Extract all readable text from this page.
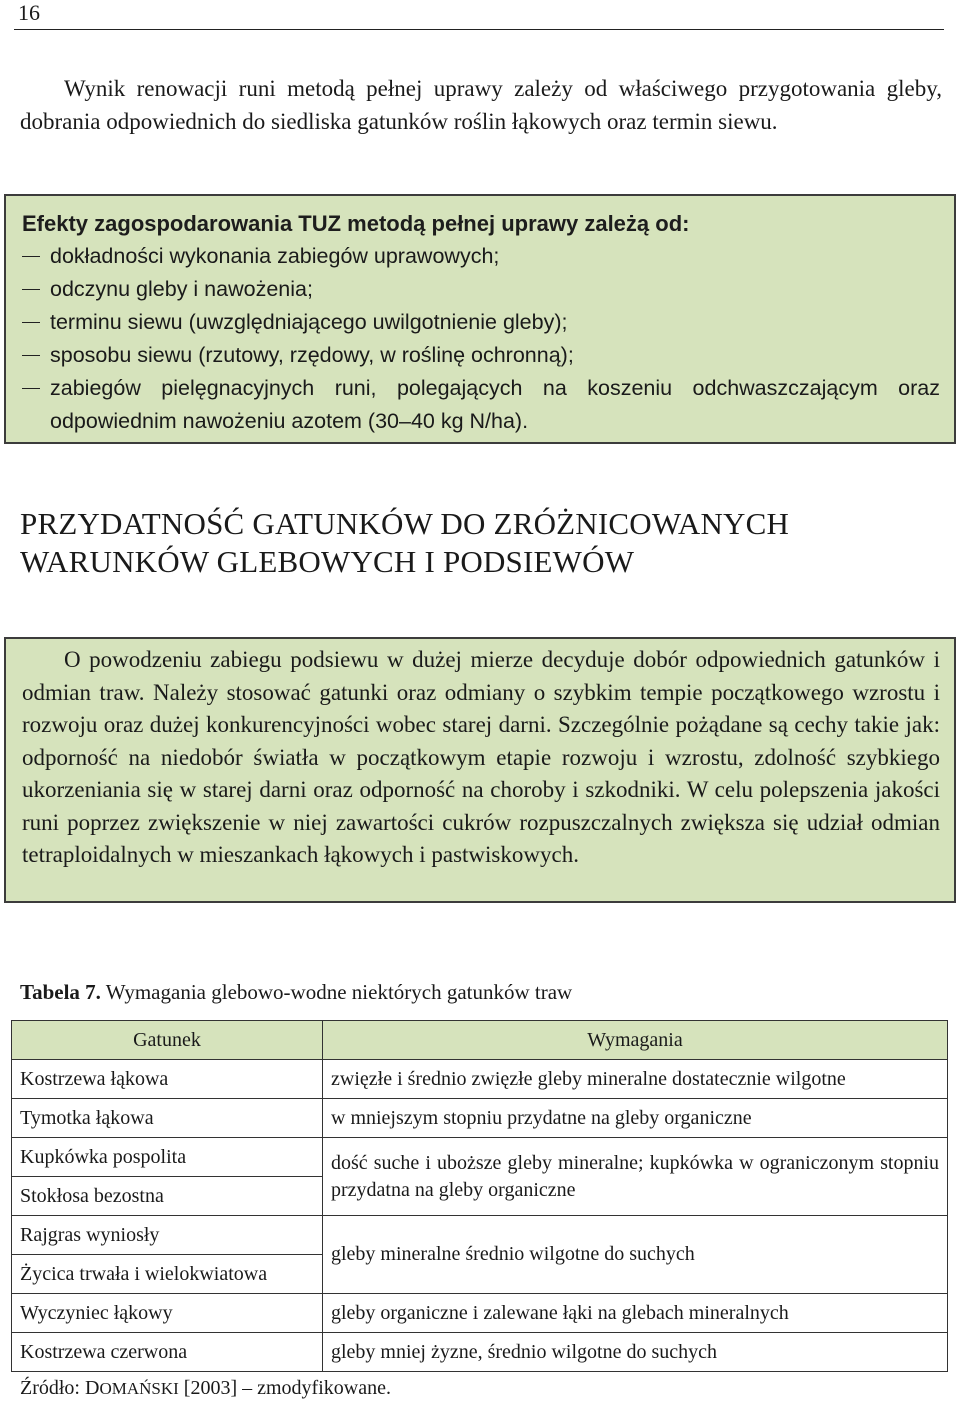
16

Wynik renowacji runi metodą pełnej uprawy zależy od właściwego przygotowania gleby, dobrania odpowiednich do siedliska gatunków roślin łąkowych oraz termin siewu.

Efekty zagospodarowania TUZ metodą pełnej uprawy zależą od:
dokładności wykonania zabiegów uprawowych;
odczynu gleby i nawożenia;
terminu siewu (uwzględniającego uwilgotnienie gleby);
sposobu siewu (rzutowy, rzędowy, w roślinę ochronną);
zabiegów pielęgnacyjnych runi, polegających na koszeniu odchwaszczającym oraz odpowiednim nawożeniu azotem (30–40 kg N/ha).
PRZYDATNOŚĆ GATUNKÓW DO ZRÓŻNICOWANYCH
WARUNKÓW GLEBOWYCH I PODSIEWÓW

O powodzeniu zabiegu podsiewu w dużej mierze decyduje dobór odpowiednich gatunków i odmian traw. Należy stosować gatunki oraz odmiany o szybkim tempie początkowego wzrostu i rozwoju oraz dużej konkurencyjności wobec starej darni. Szczególnie pożądane są cechy takie jak: odporność na niedobór światła w początkowym etapie rozwoju i wzrostu, zdolność szybkiego ukorzeniania się w starej darni oraz odporność na choroby i szkodniki. W celu polepszenia jakości runi poprzez zwiększenie w niej zawartości cukrów rozpuszczalnych zwiększa się udział odmian tetraploidalnych w mieszankach łąkowych i pastwiskowych.

Tabela 7. Wymagania glebowo-wodne niektórych gatunków traw
Gatunek	Wymagania
Kostrzewa łąkowa	zwięzłe i średnio zwięzłe gleby mineralne dostatecznie wilgotne
Tymotka łąkowa	w mniejszym stopniu przydatne na gleby organiczne
Kupkówka pospolita	dość suche i uboższe gleby mineralne; kupkówka w ograniczonym stopniu przydatna na gleby organiczne
Stokłosa bezostna	
Rajgras wyniosły	gleby mineralne średnio wilgotne do suchych
Życica trwała i wielokwiatowa	
Wyczyniec łąkowy	gleby organiczne i zalewane łąki na glebach mineralnych
Kostrzewa czerwona	gleby mniej żyzne, średnio wilgotne do suchych
Źródło: DOMAŃSKI [2003] – zmodyfikowane.
